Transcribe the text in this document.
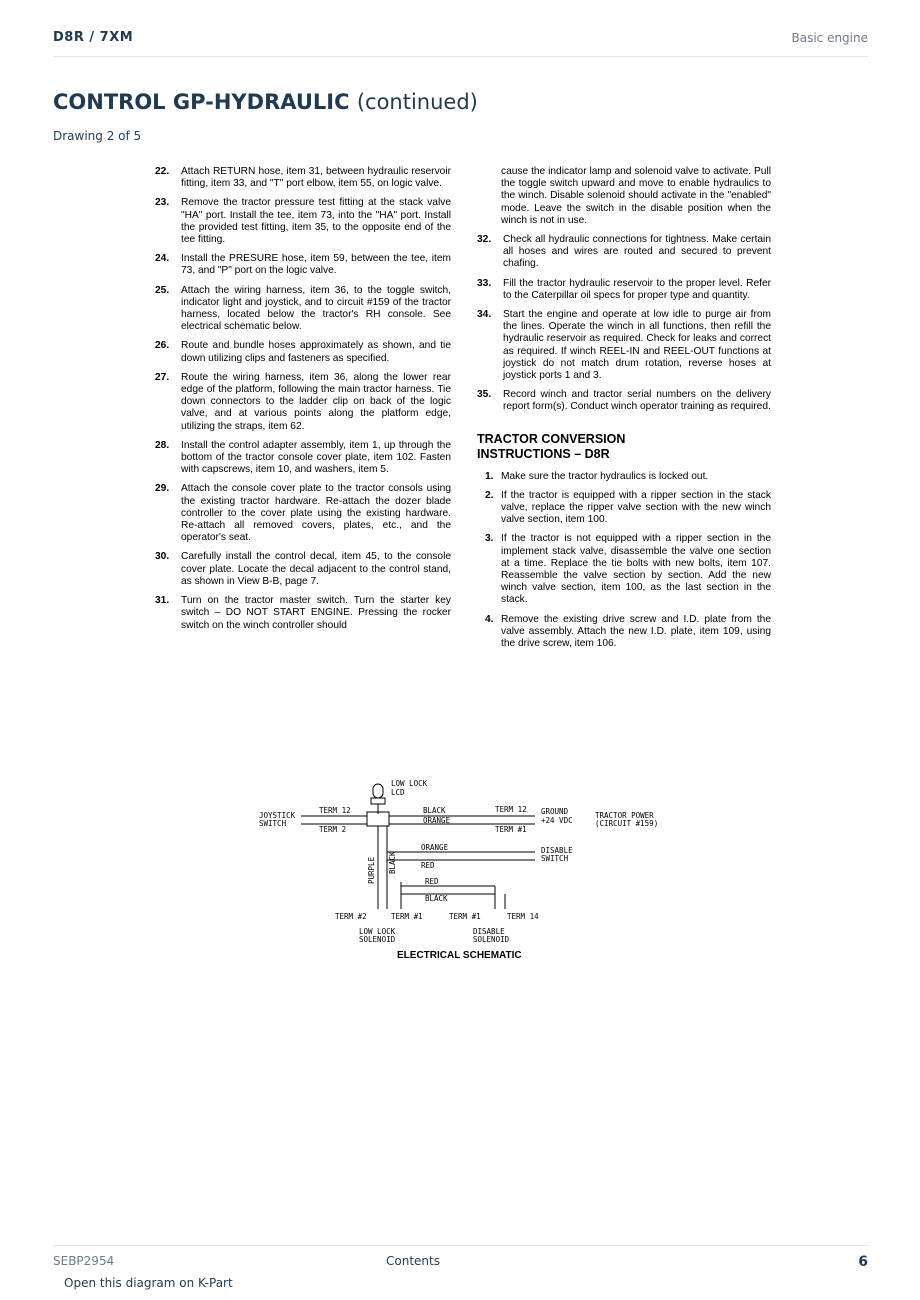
D8R / 7XM	Basic engine
CONTROL GP-HYDRAULIC (continued)
Drawing 2 of 5
22.	Attach RETURN hose, item 31, between hydraulic reservoir fitting, item 33, and "T" port elbow, item 55, on logic valve.
23.	Remove the tractor pressure test fitting at the stack valve "HA" port. Install the tee, item 73, into the "HA" port. Install the provided test fitting, item 35, to the opposite end of the tee fitting.
24.	Install the PRESURE hose, item 59, between the tee, item 73, and "P" port on the logic valve.
25.	Attach the wiring harness, item 36, to the toggle switch, indicator light and joystick, and to circuit #159 of the tractor harness, located below the tractor's RH console. See electrical schematic below.
26.	Route and bundle hoses approximately as shown, and tie down utilizing clips and fasteners as specified.
27.	Route the wiring harness, item 36, along the lower rear edge of the platform, following the main tractor harness. Tie down connectors to the ladder clip on back of the logic valve, and at various points along the platform edge, utilizing the straps, item 62.
28.	Install the control adapter assembly, item 1, up through the bottom of the tractor console cover plate, item 102. Fasten with capscrews, item 10, and washers, item 5.
29.	Attach the console cover plate to the tractor consols using the existing tractor hardware. Re-attach the dozer blade controller to the cover plate using the existing hardware. Re-attach all removed covers, plates, etc., and the operator's seat.
30.	Carefully install the control decal, item 45, to the console cover plate. Locate the decal adjacent to the control stand, as shown in View B-B, page 7.
31.	Turn on the tractor master switch. Turn the starter key switch – DO NOT START ENGINE. Pressing the rocker switch on the winch controller should
cause the indicator lamp and solenoid valve to activate. Pull the toggle switch upward and move to enable hydraulics to the winch. Disable solenoid should activate in the "enabled" mode. Leave the switch in the disable position when the winch is not in use.
32.	Check all hydraulic connections for tightness. Make certain all hoses and wires are routed and secured to prevent chafing.
33.	Fill the tractor hydraulic reservoir to the proper level. Refer to the Caterpillar oil specs for proper type and quantity.
34.	Start the engine and operate at low idle to purge air from the lines. Operate the winch in all functions, then refill the hydraulic reservoir as required. Check for leaks and correct as required. If winch REEL-IN and REEL-OUT functions at joystick do not match drum rotation, reverse hoses at joystick ports 1 and 3.
35.	Record winch and tractor serial numbers on the delivery report form(s). Conduct winch operator training as required.
TRACTOR CONVERSION
INSTRUCTIONS – D8R
1. Make sure the tractor hydraulics is locked out.
2. If the tractor is equipped with a ripper section in the stack valve, replace the ripper valve section with the new winch valve section, item 100.
3. If the tractor is not equipped with a ripper section in the implement stack valve, disassemble the valve one section at a time. Replace the tie bolts with new bolts, item 107. Reassemble the valve section by section. Add the new winch valve section, item 100, as the last section in the stack.
4. Remove the existing drive screw and I.D. plate from the valve assembly. Attach the new I.D. plate, item 109, using the drive screw, item 106.
LOW LOCK
LCD
JOYSTICK
SWITCH
TERM 12
TERM 2
BLACK
ORANGE
TERM 12
TERM #1
GROUND
+24 VDC
TRACTOR POWER
(CIRCUIT #159)
PURPLE BLACK
ORANGE
RED
DISABLE
SWITCH
RED
BLACK
TERM #2	TERM #1	TERM #1	TERM 14
LOW LOCK
SOLENOID
DISABLE
SOLENOID
ELECTRICAL SCHEMATIC
SEBP2954	Contents	6
Open this diagram on K-Part
